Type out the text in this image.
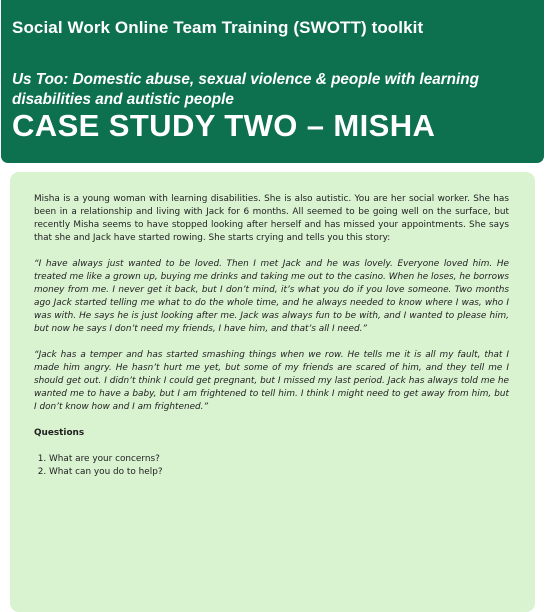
Social Work Online Team Training (SWOTT) toolkit
Us Too: Domestic abuse, sexual violence & people with learning disabilities and autistic people
CASE STUDY TWO – MISHA

Misha is a young woman with learning disabilities. She is also autistic. You are her social worker. She has been in a relationship and living with Jack for 6 months. All seemed to be going well on the surface, but recently Misha seems to have stopped looking after herself and has missed your appointments. She says that she and Jack have started rowing. She starts crying and tells you this story:

“I have always just wanted to be loved. Then I met Jack and he was lovely. Everyone loved him. He treated me like a grown up, buying me drinks and taking me out to the casino. When he loses, he borrows money from me. I never get it back, but I don’t mind, it’s what you do if you love someone. Two months ago Jack started telling me what to do the whole time, and he always needed to know where I was, who I was with. He says he is just looking after me. Jack was always fun to be with, and I wanted to please him, but now he says I don’t need my friends, I have him, and that’s all I need.”

“Jack has a temper and has started smashing things when we row. He tells me it is all my fault, that I made him angry. He hasn’t hurt me yet, but some of my friends are scared of him, and they tell me I should get out. I didn’t think I could get pregnant, but I missed my last period. Jack has always told me he wanted me to have a baby, but I am frightened to tell him. I think I might need to get away from him, but I don’t know how and I am frightened.”

Questions
1. What are your concerns?
2. What can you do to help?
